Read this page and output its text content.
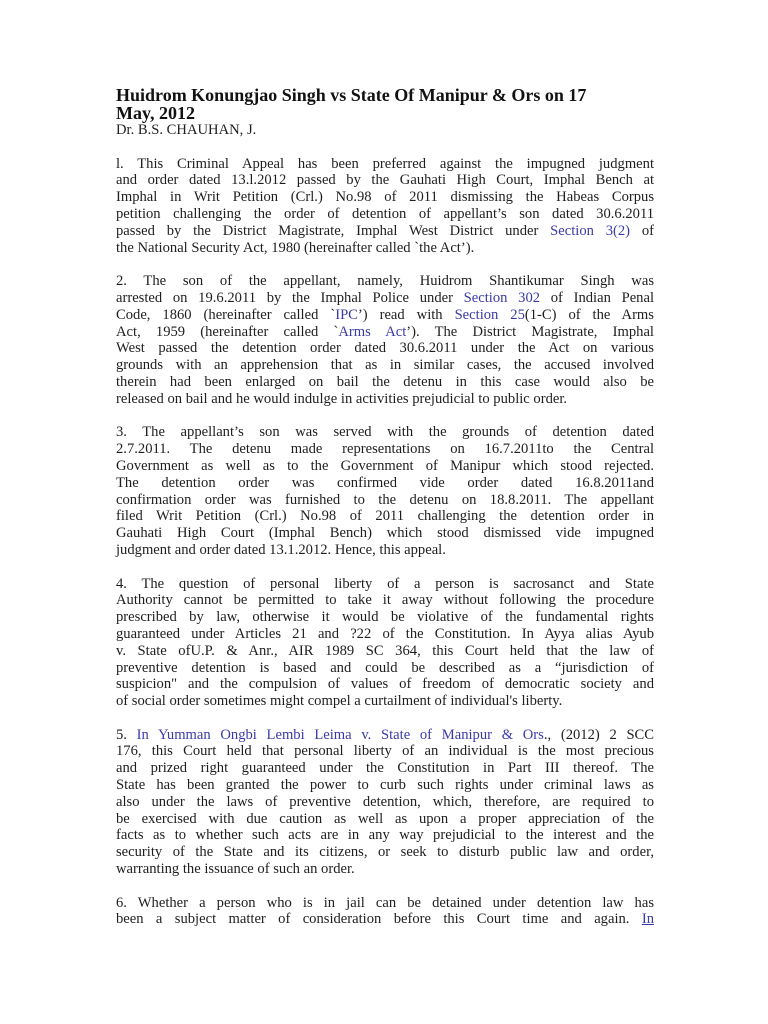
Huidrom Konungjao Singh vs State Of Manipur & Ors on 17
May, 2012
Dr. B.S. CHAUHAN, J.
l. This Criminal Appeal has been preferred against the impugned judgment
and order dated 13.l.2012 passed by the Gauhati High Court, Imphal Bench at
Imphal in Writ Petition (Crl.) No.98 of 2011 dismissing the Habeas Corpus
petition challenging the order of detention of appellant’s son dated 30.6.2011
passed by the District Magistrate, Imphal West District under Section 3(2) of
the National Security Act, 1980 (hereinafter called `the Act’).
2. The son of the appellant, namely, Huidrom Shantikumar Singh was
arrested on 19.6.2011 by the Imphal Police under Section 302 of Indian Penal
Code, 1860 (hereinafter called `IPC’) read with Section 25(1-C) of the Arms
Act, 1959 (hereinafter called `Arms Act’). The District Magistrate, Imphal
West passed the detention order dated 30.6.2011 under the Act on various
grounds with an apprehension that as in similar cases, the accused involved
therein had been enlarged on bail the detenu in this case would also be
released on bail and he would indulge in activities prejudicial to public order.
3. The appellant’s son was served with the grounds of detention dated
2.7.2011. The detenu made representations on 16.7.2011to the Central
Government as well as to the Government of Manipur which stood rejected.
The detention order was confirmed vide order dated 16.8.2011and
confirmation order was furnished to the detenu on 18.8.2011. The appellant
filed Writ Petition (Crl.) No.98 of 2011 challenging the detention order in
Gauhati High Court (Imphal Bench) which stood dismissed vide impugned
judgment and order dated 13.1.2012. Hence, this appeal.
4. The question of personal liberty of a person is sacrosanct and State
Authority cannot be permitted to take it away without following the procedure
prescribed by law, otherwise it would be violative of the fundamental rights
guaranteed under Articles 21 and ?22 of the Constitution. In Ayya alias Ayub
v. State ofU.P. & Anr., AIR 1989 SC 364, this Court held that the law of
preventive detention is based and could be described as a “jurisdiction of
suspicion" and the compulsion of values of freedom of democratic society and
of social order sometimes might compel a curtailment of individual's liberty.
5. In Yumman Ongbi Lembi Leima v. State of Manipur & Ors., (2012) 2 SCC
176, this Court held that personal liberty of an individual is the most precious
and prized right guaranteed under the Constitution in Part III thereof. The
State has been granted the power to curb such rights under criminal laws as
also under the laws of preventive detention, which, therefore, are required to
be exercised with due caution as well as upon a proper appreciation of the
facts as to whether such acts are in any way prejudicial to the interest and the
security of the State and its citizens, or seek to disturb public law and order,
warranting the issuance of such an order.
6. Whether a person who is in jail can be detained under detention law has
been a subject matter of consideration before this Court time and again. In
